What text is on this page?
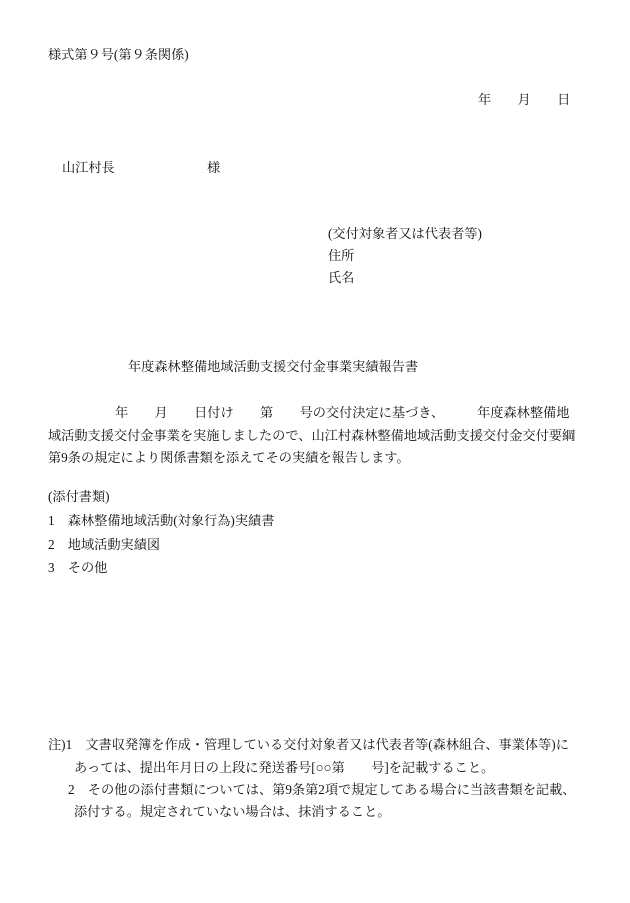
様式第９号(第９条関係)
年　　月　　日
山江村長	様
(交付対象者又は代表者等)
住所
氏名
年度森林整備地域活動支援交付金事業実績報告書
年　　月　　日付け　　第　　号の交付決定に基づき、　　　年度森林整備地
域活動支援交付金事業を実施しましたので、山江村森林整備地域活動支援交付金交付要綱
第9条の規定により関係書類を添えてその実績を報告します。
(添付書類)
1　森林整備地域活動(対象行為)実績書
2　地域活動実績図
3　その他
注)1　文書収発簿を作成・管理している交付対象者又は代表者等(森林組合、事業体等)に
あっては、提出年月日の上段に発送番号[○○第　　号]を記載すること。
2　その他の添付書類については、第9条第2項で規定してある場合に当該書類を記載、
添付する。規定されていない場合は、抹消すること。
